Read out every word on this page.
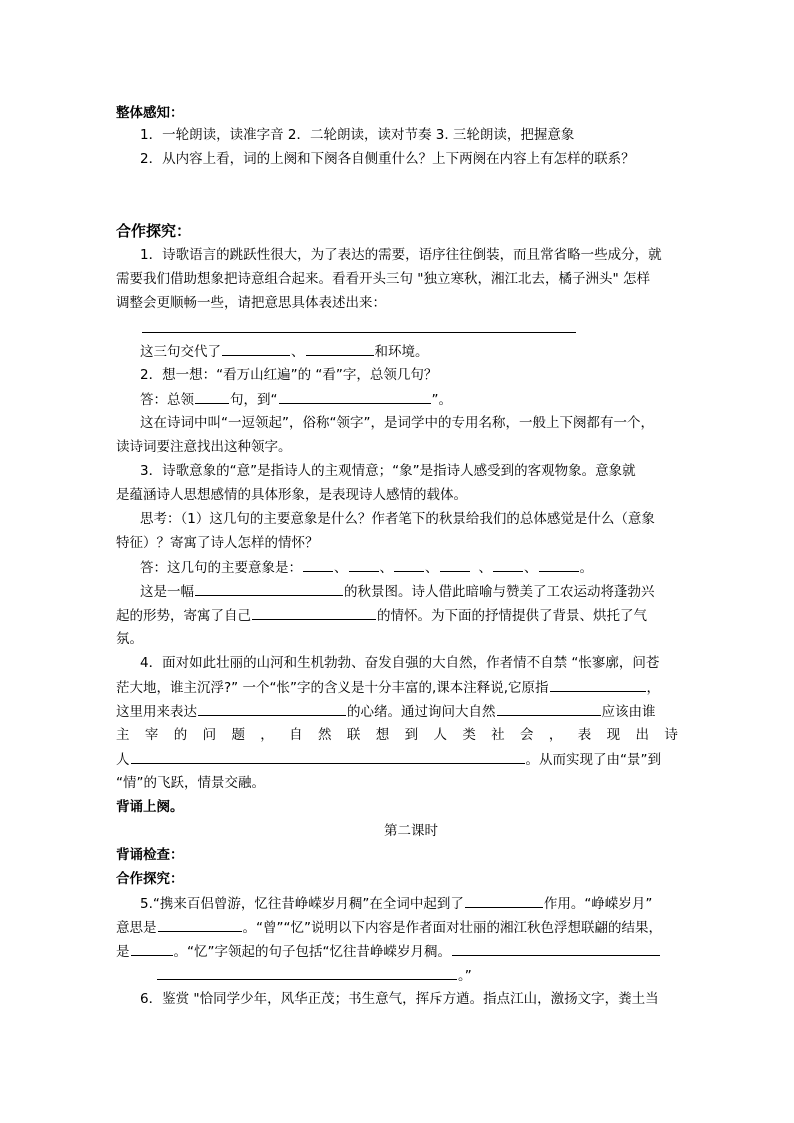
整体感知：
1．一轮朗读，读准字音 2．二轮朗读，读对节奏 3. 三轮朗读，把握意象
2．从内容上看，词的上阕和下阕各自侧重什么？上下两阕在内容上有怎样的联系？
合作探究：
1．诗歌语言的跳跃性很大，为了表达的需要，语序往往倒装，而且常省略一些成分，就
需要我们借助想象把诗意组合起来。看看开头三句 "独立寒秋，湘江北去，橘子洲头" 怎样
调整会更顺畅一些，请把意思具体表述出来：
这三句交代了	、	和环境。
2．想一想：“看万山红遍”的 “看”字，总领几句？
答：总领	句，到“	”。
这在诗词中叫“一逗领起”，俗称“领字”，是词学中的专用名称，一般上下阕都有一个，
读诗词要注意找出这种领字。
3．诗歌意象的“意”是指诗人的主观情意；“象”是指诗人感受到的客观物象。意象就
是蕴涵诗人思想感情的具体形象，是表现诗人感情的载体。
思考：（1）这几句的主要意象是什么？作者笔下的秋景给我们的总体感觉是什么（意象
特征）？寄寓了诗人怎样的情怀？
答：这几句的主要意象是： 、 、 、	、 、	。
这是一幅	的秋景图。诗人借此暗喻与赞美了工农运动将蓬勃兴
起的形势，寄寓了自己	的情怀。为下面的抒情提供了背景、烘托了气
氛。
4．面对如此壮丽的山河和生机勃勃、奋发自强的大自然，作者情不自禁 “怅寥廓，问苍
茫大地，谁主沉浮?” 一个“怅”字的含义是十分丰富的,课本注释说,它原指	，
这里用来表达	的心绪。通过询问大自然	应该由谁
主 宰 的 问 题 ， 自 然 联 想 到 人 类 社 会 ， 表 现 出 诗
人	。从而实现了由“景”到
“情”的飞跃，情景交融。
背诵上阕。
第二课时
背诵检查：
合作探究：
5.“携来百侣曾游，忆往昔峥嵘岁月稠”在全词中起到了	作用。“峥嵘岁月”
意思是	。“曾”“忆”说明以下内容是作者面对壮丽的湘江秋色浮想联翩的结果，
是	。“忆”字领起的句子包括“忆往昔峥嵘岁月稠。
。”
6．鉴赏 "恰同学少年，风华正茂；书生意气，挥斥方遒。指点江山，激扬文字，粪土当
